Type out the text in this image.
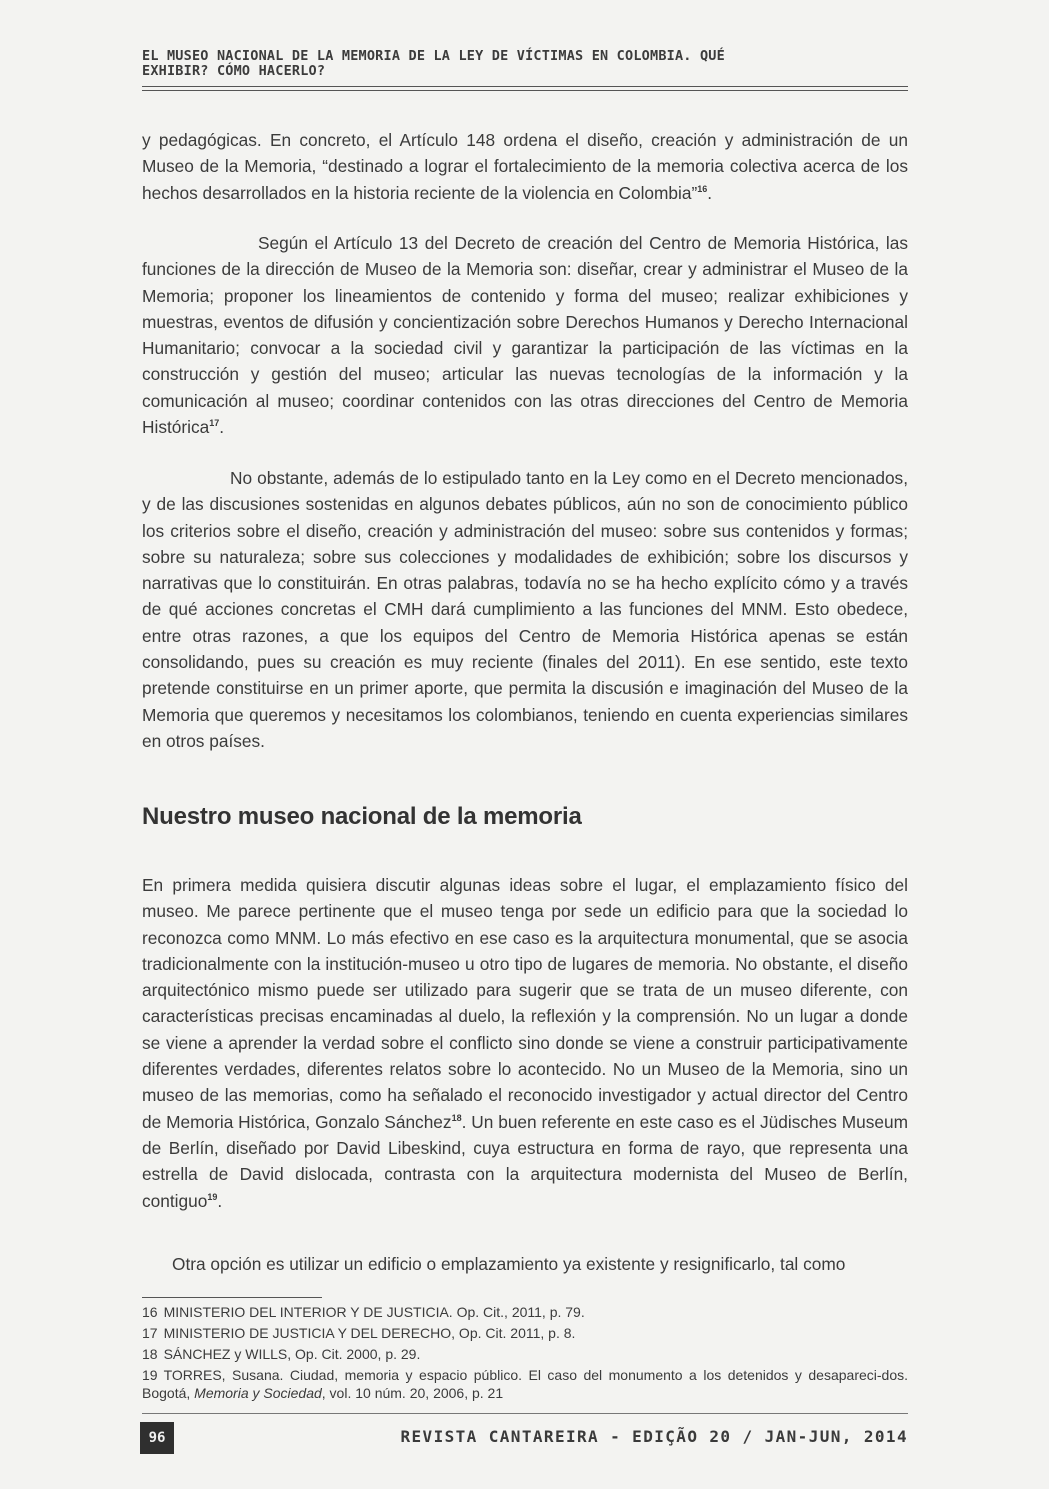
EL MUSEO NACIONAL DE LA MEMORIA DE LA LEY DE VÍCTIMAS EN COLOMBIA. QUÉ EXHIBIR? CÓMO HACERLO?

y pedagógicas. En concreto, el Artículo 148 ordena el diseño, creación y administración de un Museo de la Memoria, “destinado a lograr el fortalecimiento de la memoria colectiva acerca de los hechos desarrollados en la historia reciente de la violencia en Colombia”$^{16}$.

Según el Artículo 13 del Decreto de creación del Centro de Memoria Histórica, las funciones de la dirección de Museo de la Memoria son: diseñar, crear y administrar el Museo de la Memoria; proponer los lineamientos de contenido y forma del museo; realizar exhibiciones y muestras, eventos de difusión y concientización sobre Derechos Humanos y Derecho Internacional Humanitario; convocar a la sociedad civil y garantizar la participación de las víctimas en la construcción y gestión del museo; articular las nuevas tecnologías de la información y la comunicación al museo; coordinar contenidos con las otras direcciones del Centro de Memoria Histórica$^{17}$.

No obstante, además de lo estipulado tanto en la Ley como en el Decreto mencionados, y de las discusiones sostenidas en algunos debates públicos, aún no son de conocimiento público los criterios sobre el diseño, creación y administración del museo: sobre sus contenidos y formas; sobre su naturaleza; sobre sus colecciones y modalidades de exhibición; sobre los discursos y narrativas que lo constituirán. En otras palabras, todavía no se ha hecho explícito cómo y a través de qué acciones concretas el CMH dará cumplimiento a las funciones del MNM. Esto obedece, entre otras razones, a que los equipos del Centro de Memoria Histórica apenas se están consolidando, pues su creación es muy reciente (finales del 2011). En ese sentido, este texto pretende constituirse en un primer aporte, que permita la discusión e imaginación del Museo de la Memoria que queremos y necesitamos los colombianos, teniendo en cuenta experiencias similares en otros países.

Nuestro museo nacional de la memoria

En primera medida quisiera discutir algunas ideas sobre el lugar, el emplazamiento físico del museo. Me parece pertinente que el museo tenga por sede un edificio para que la sociedad lo reconozca como MNM. Lo más efectivo en ese caso es la arquitectura monumental, que se asocia tradicionalmente con la institución-museo u otro tipo de lugares de memoria. No obstante, el diseño arquitectónico mismo puede ser utilizado para sugerir que se trata de un museo diferente, con características precisas encaminadas al duelo, la reflexión y la comprensión. No un lugar a donde se viene a aprender la verdad sobre el conflicto sino donde se viene a construir participativamente diferentes verdades, diferentes relatos sobre lo acontecido. No un Museo de la Memoria, sino un museo de las memorias, como ha señalado el reconocido investigador y actual director del Centro de Memoria Histórica, Gonzalo Sánchez$^{18}$. Un buen referente en este caso es el Jüdisches Museum de Berlín, diseñado por David Libeskind, cuya estructura en forma de rayo, que representa una estrella de David dislocada, contrasta con la arquitectura modernista del Museo de Berlín, contiguo$^{19}$.

Otra opción es utilizar un edificio o emplazamiento ya existente y resignificarlo, tal como

16 MINISTERIO DEL INTERIOR Y DE JUSTICIA. Op. Cit., 2011, p. 79.

17 MINISTERIO DE JUSTICIA Y DEL DERECHO, Op. Cit. 2011, p. 8.

18 SÁNCHEZ y WILLS, Op. Cit. 2000, p. 29.

19 TORRES, Susana. Ciudad, memoria y espacio público. El caso del monumento a los detenidos y desapareci-dos. Bogotá, Memoria y Sociedad, vol. 10 núm. 20, 2006, p. 21

96	REVISTA CANTAREIRA - EDIÇÃO 20 / JAN-JUN, 2014
